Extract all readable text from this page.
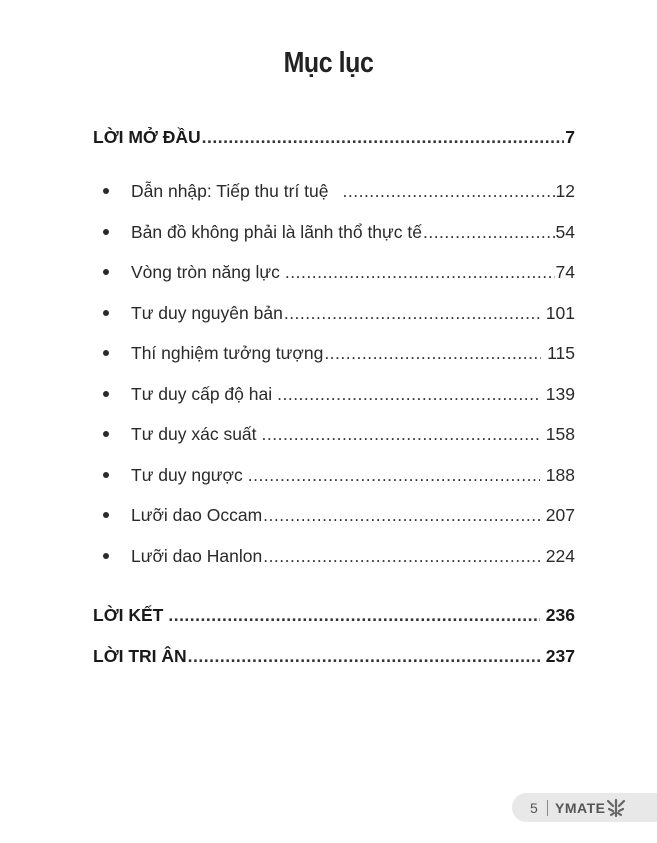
Mục lục
LỜI MỞ ĐẦU .....	7
Dẫn nhập: Tiếp thu trí tuệ .....	12
Bản đồ không phải là lãnh thổ thực tế .....	54
Vòng tròn năng lực .....	74
Tư duy nguyên bản .....	101
Thí nghiệm tưởng tượng .....	115
Tư duy cấp độ hai .....	139
Tư duy xác suất .....	158
Tư duy ngược .....	188
Lưỡi dao Occam .....	207
Lưỡi dao Hanlon .....	224
LỜI KẾT .....	236
LỜI TRI ÂN .....	237
5 YMATE
